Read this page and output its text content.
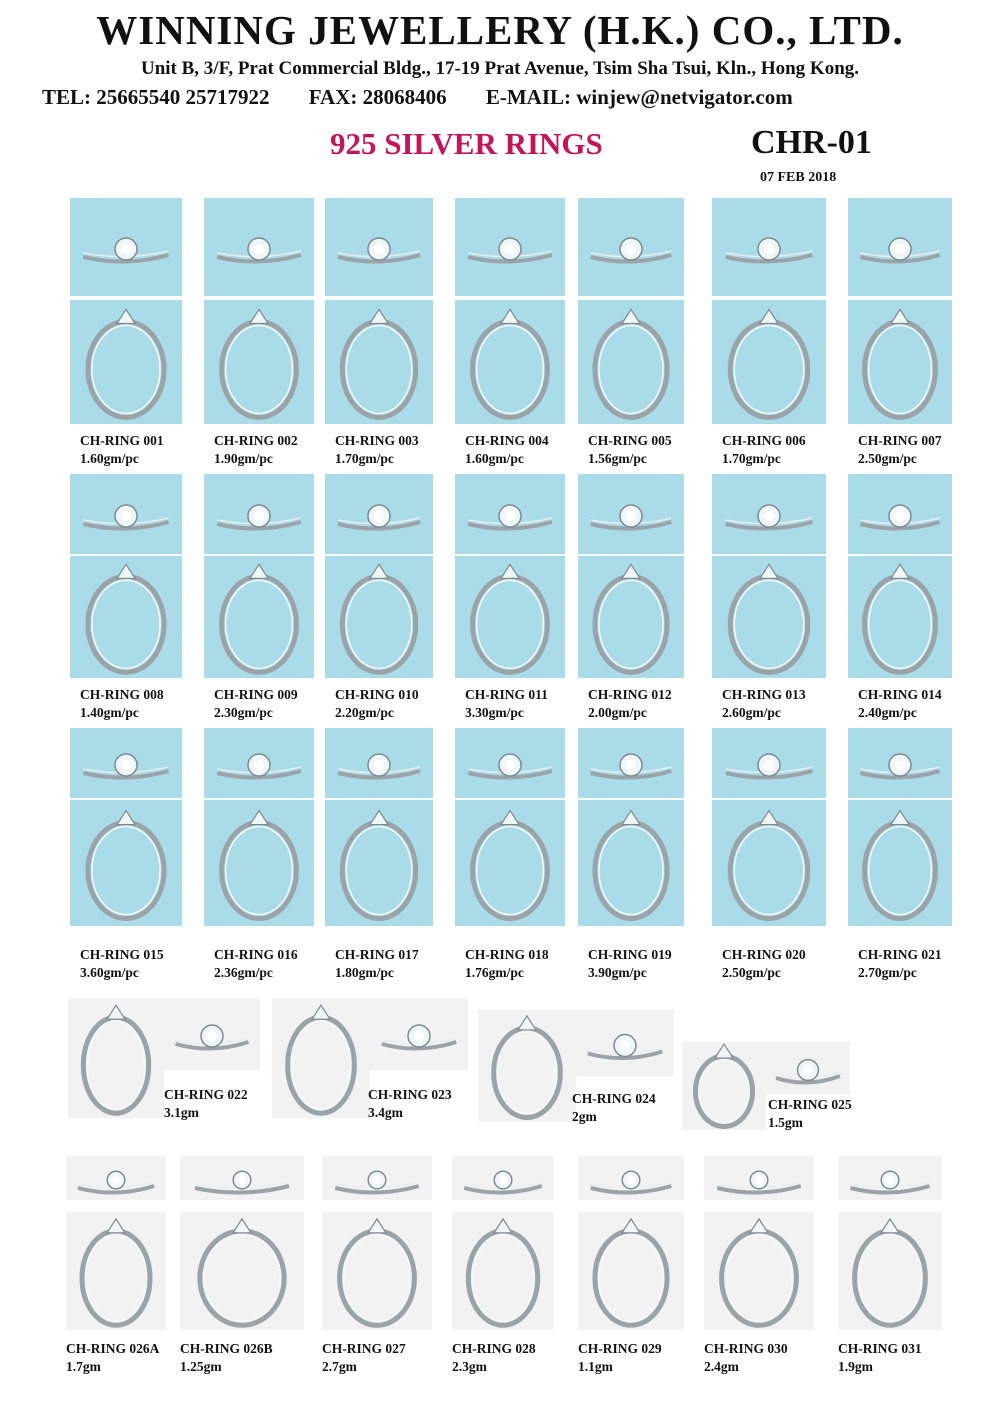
WINNING JEWELLERY (H.K.) CO., LTD.
Unit B, 3/F, Prat Commercial Bldg., 17-19 Prat Avenue, Tsim Sha Tsui, Kln., Hong Kong.
TEL: 25665540 25717922 FAX: 28068406 E-MAIL: winjew@netvigator.com
925 SILVER RINGS	CHR-01
07 FEB 2018
CH-RING 001
1.60gm/pc
CH-RING 002
1.90gm/pc
CH-RING 003
1.70gm/pc
CH-RING 004
1.60gm/pc
CH-RING 005
1.56gm/pc
CH-RING 006
1.70gm/pc
CH-RING 007
2.50gm/pc
CH-RING 008
1.40gm/pc
CH-RING 009
2.30gm/pc
CH-RING 010
2.20gm/pc
CH-RING 011
3.30gm/pc
CH-RING 012
2.00gm/pc
CH-RING 013
2.60gm/pc
CH-RING 014
2.40gm/pc
CH-RING 015
3.60gm/pc
CH-RING 016
2.36gm/pc
CH-RING 017
1.80gm/pc
CH-RING 018
1.76gm/pc
CH-RING 019
3.90gm/pc
CH-RING 020
2.50gm/pc
CH-RING 021
2.70gm/pc
CH-RING 022
3.1gm
CH-RING 023
3.4gm
CH-RING 024
2gm
CH-RING 025
1.5gm
CH-RING 026A
1.7gm
CH-RING 026B
1.25gm
CH-RING 027
2.7gm
CH-RING 028
2.3gm
CH-RING 029
1.1gm
CH-RING 030
2.4gm
CH-RING 031
1.9gm
